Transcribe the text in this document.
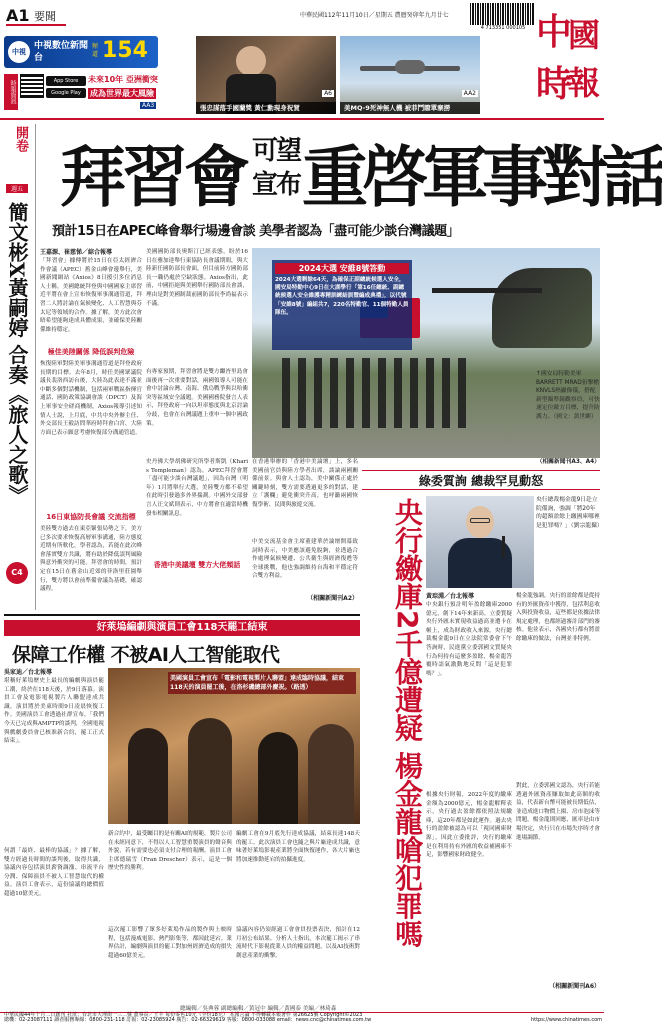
A1 要聞	中華民國112年11月10日／星期五 農曆癸卯年九月廿七
4 713351 000105 中
國
時
報
中視
中視數位新聞台
頻道 154
時報資訊	App Store
Google Play
未來10年 亞洲衝突
成為世界最大風險
AA3
A6
張忠謀落手國蘭獎 黃仁勳現身祝賀
AA2
美MQ-9死神無人機 被菲鬥瞭單寨撈
開卷
週五
簡文彬X黃嗣婷 合奏《旅人之歌》
C4
拜習會 可望
宣布 重啓軍事對話
預計15日在APEC峰會舉行場邊會談 美學者認為「盡可能少談台灣議題」
王嘉源、崔慈悌／綜合報導
「拜習會」據傳將於15日在亞太經濟合作會議（APEC）舊金山峰會邊舉行，美國新聞網站《Axios》8日援引多位消息人士稱，美國總統拜登與中國國家主席習近平將在會上宣布恢復軍事溝通管道，拜習二人將討論在氣候變化、人工智慧與芬太尼等領域的合作。據了解，美方此次會晤希望能夠達成具體成果，並確保美陸關係維持穩定。
極佳美陸關係 降低誤判危險
恢復陸軍對陸美軍事溝通管道是拜登政府長期的目標。去年8月，時任美國眾議院議長裴洛西訪台後，大陸為此表達不滿並中斷多個對話機制，包括兩軍戰區指揮官通話、國防政策協調會談（DPCT）及海上軍事安全磋商機制。Axios報導引述知情人士說，上月底，中共中央外辦主任、外交部長王毅訪問華府時拜會白宮，大陸方面已表示願意考慮恢復部分溝通管道。
16日東協防長會議 交流指標
美陸雙方過去在東亞緊張局勢之下，美方已多次要求恢復高層軍事溝通，陸方態度近期有所軟化。學者認為，若能在此次峰會落實雙方共識，將有助於降低誤判風險與意外衝突的可能。拜習會的時間，預計定在15日在舊金山近郊的菲洛里莊園舉行，雙方將以會前準備會議為基礎，確認議程。
美國國防部長奧斯汀已經表態，盼於16日在雅加達舉行東協防長會議期間，與大陸新任國防部長會面，但目前陸方國防部長一職仍處於空缺狀態。Axios指出，此前，中國拒絕與美國舉行國防部長會談，理由是對美國制裁前國防部長李尚福表示不滿。
有專家預期，拜習會將是雙方繼峇里島會面後再一次重要對話，兩國領導人可能在會中討論台灣、南海、俄烏戰爭與以哈衝突等區域安全議題。美國國務院發言人表示，拜登政府一向以坦率態度與北京討論分歧，也會在台灣議題上重申一個中國政策。
史丹佛大學胡佛研究所學者斯凱（Kharis Templeman）認為，APEC拜習會將「盡可能少談台灣議題」，因為台灣（明年）1月將舉行大選，美陸雙方都不希望在此時引發過多外界揣測。中國外交部發言人汪文斌則表示，中方將會在適當時機發布相關訊息。
香港中美議壇 雙方大佬頻話
在香港舉辦的「香港中美論壇」上，多名美國前官員與陸方學者出席，談論兩國關係前景。與會人士認為，美中關係正處於關鍵時刻，雙方需要透過更多的對話，建立「護欄」避免衝突升高，也呼籲兩國恢復學術、民間與旅遊交流。
中美交流基金會主席董建華於論壇開幕致詞時表示，中美應該避免脫鉤，並透過合作處理氣候變遷、公共衛生與經濟復甦等全球挑戰，他也強調維持台海和平穩定符合雙方利益。
（相關新聞刊A2）
2024大選 安維8號答動
2024大選剩餘64天，為確保正副總統候選人安全，國安局特勤中心9日在大湖學行「第16任總統、副總統候選人安全維護專精訓練結訓暨編成典禮」，以代號「安維8號」編組共7，220名特勤官、11個特勤人員隊伍。
↑國安局特勤美軍BARRETT MRAD狙擊槍KNVLS熱顯像儀，搭配新型瞄準鏡觀察員，可快速定位敵方目標，提升防護力。（國文：黃世麒）
（相關新聞刊A3、A4）
綠委質詢 總裁罕見動怒
央行繳庫2千億遭疑 楊金龍嗆犯罪嗎	央行總裁楊金龍9日赴立院備詢，強調「將20年的超額盈餘上繳國庫哪裡是犯罪嗎？」（劉宗龍攝）
黃琮淵／台北報導
中央銀行預計明年盈餘繳庫2000億元，創下14年來新高。立委質疑央行外匯未實現收益過高並遭卡在帳上，成為財政收入來源，央行總裁楊金龍9日在立法院常委會下午答詢時，民進黨立委郭國文質疑央行為何持有這麼多盈餘，楊金龍答覆時語氣激動地反問「這是犯罪嗎？」。
根據央行財報，2022年度的繳庫金額為2000億元，楊金龍解釋表示，央行過去盈餘都依照法規繳庫，這20年都是如此運作。過去央行的盈餘被認為可以「視同國庫財源」，因此立委批評，央行的繳庫是在利用持有外匯的收益補國庫不足，影響國家財政健全。
楊金龍強調，央行的盈餘都是從持有的外匯資產中獲得，包括利息收入與投資收益，這些都是依據法律規定處理，也都經過審計部門的審核。他並表示，各國央行都有將盈餘繳庫的做法，台灣並非特例。
對此，立委郭國文認為，央行若能透過外匯資產賺取如此高額的收益，代表新台幣可能被長期低估，並造成進口物價上揚、房市泡沫等問題。楊金龍則回應，匯率是由市場決定，央行只在市場失序時才會進場調節。
（相關新聞刊A6）
好萊塢編劇與演員工會118天罷工結束
保障工作權 不被AI人工智能取代
吳家迪／台北報導
堪稱好萊塢歷史上最長的編劇與演員罷工潮，終於在118天後，於9日落幕。演員工會及電影電視製片人聯盟達成共識，演員將於美東時間9日凌晨恢復工作。美國演員工會透過社群宣布，「我們今天已完成與AMPTP的談判，全國電視與戲劇委員會已核准新合約，罷工正式結束」。
何謂「最終、最棒的協議」？據了解，雙方經過長時間的談判後，取得共識，協議內容包括演員薪資調漲、串流平台分潤、保障演員不被人工智慧取代的權益。演員工會表示，這份協議的總價值超過10億美元。
美國演員工會宣布「電影和電視製片人聯盟」達成臨時協議，結束118天的演員罷工後，在洛杉磯總部外慶祝。（路透）
新合約中，最受矚目的是有關AI的規範，製片公司在未經同意下，不得以人工智慧重製演員的聲音與外貌，若有需要也必須支付合理的報酬。演員工會主席德瑞雪（Fran Drescher）表示，這是一個歷史性的勝利。
這次罷工影響了眾多好萊塢作品的製作與上映時程，包括漫威電影、熱門影集等，都因此延宕。業界估計，編劇與演員的罷工對加州經濟造成的損失超過60億美元。
編劇工會在9月底先行達成協議，結束長達148天的罷工。此次演員工會也隨之與片廠達成共識，意味著好萊塢影視產業將全面恢復運作，各大片廠也將加速推動延宕的拍攝進度。
協議內容仍須經過工會會員投票表決，預計在12月初公布結果。分析人士指出，本次罷工揭示了串流時代下影視從業人員的權益問題，以及AI技術對創意產業的衝擊。
總編輯／吳典蓉 副總編輯／黃冠中 編輯／黃國泰 美編／林琦森
中華民國44年十月二日創刊 社址：台北市大理街一三二號 董事長／王丰 每份零售10元（全份18元） 本報言論 不得轉載本報著作 第26625號 Copyright©2023
總機：02-23087111 讀者服務專線：0800-231-118 訂報：02-23085924 廣告：02-66329619 客服：0800-033088 email：news.cnc@chinatimes.com.tw	https://www.chinatimes.com
